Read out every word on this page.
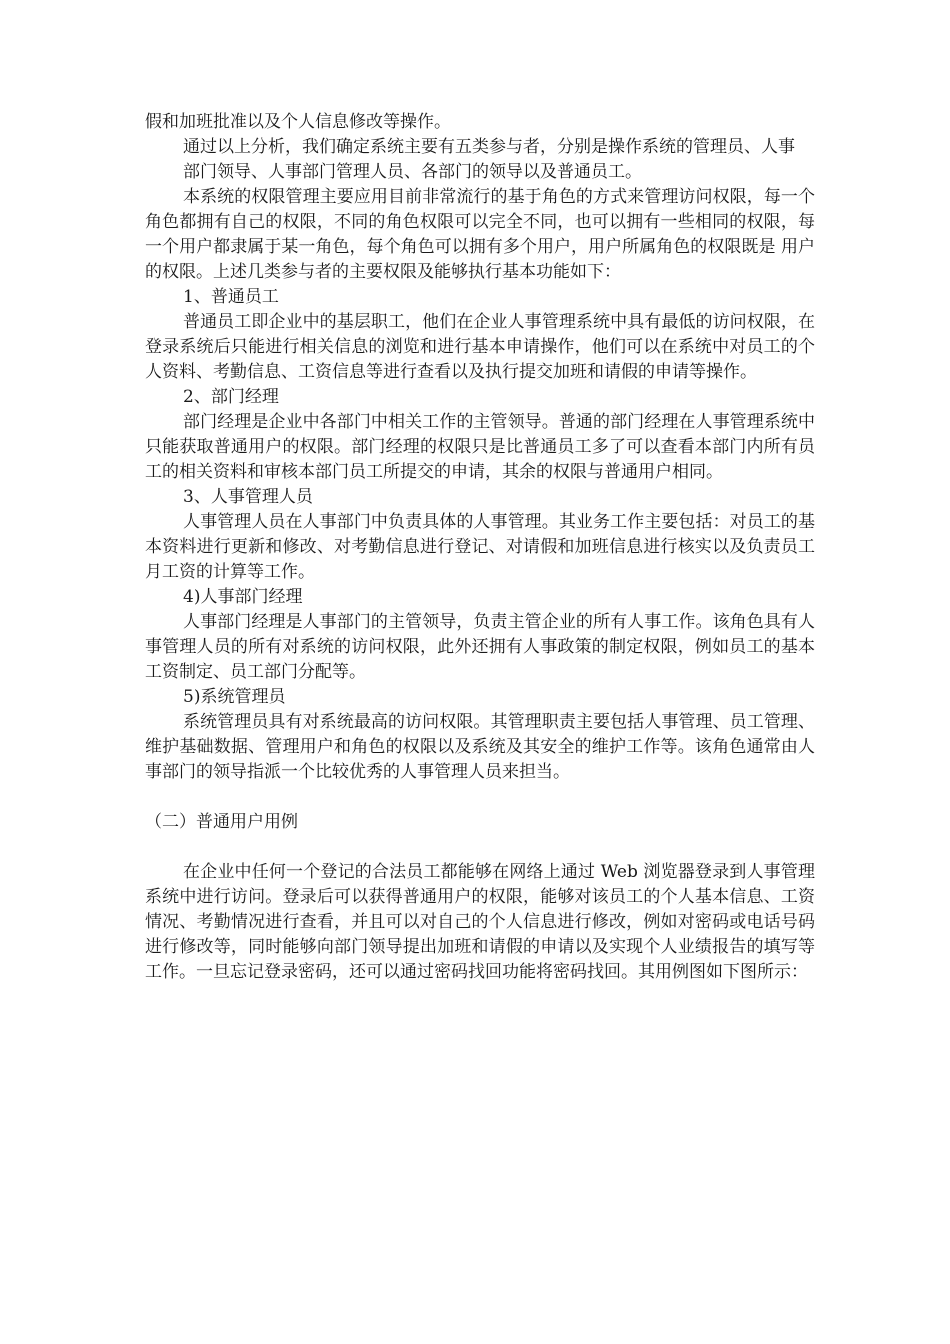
假和加班批准以及个人信息修改等操作。

通过以上分析，我们确定系统主要有五类参与者，分别是操作系统的管理员、人事

部门领导、人事部门管理人员、各部门的领导以及普通员工。

本系统的权限管理主要应用目前非常流行的基于角色的方式来管理访问权限，每一个角色都拥有自己的权限，不同的角色权限可以完全不同，也可以拥有一些相同的权限，每一个用户都隶属于某一角色，每个角色可以拥有多个用户，用户所属角色的权限既是 用户的权限。上述几类参与者的主要权限及能够执行基本功能如下：

1、普通员工

普通员工即企业中的基层职工，他们在企业人事管理系统中具有最低的访问权限，在登录系统后只能进行相关信息的浏览和进行基本申请操作，他们可以在系统中对员工的个人资料、考勤信息、工资信息等进行查看以及执行提交加班和请假的申请等操作。

2、部门经理

部门经理是企业中各部门中相关工作的主管领导。普通的部门经理在人事管理系统中只能获取普通用户的权限。部门经理的权限只是比普通员工多了可以查看本部门内所有员工的相关资料和审核本部门员工所提交的申请，其余的权限与普通用户相同。

3、人事管理人员

人事管理人员在人事部门中负责具体的人事管理。其业务工作主要包括：对员工的基本资料进行更新和修改、对考勤信息进行登记、对请假和加班信息进行核实以及负责员工月工资的计算等工作。

4)人事部门经理

人事部门经理是人事部门的主管领导，负责主管企业的所有人事工作。该角色具有人事管理人员的所有对系统的访问权限，此外还拥有人事政策的制定权限，例如员工的基本工资制定、员工部门分配等。

5)系统管理员

系统管理员具有对系统最高的访问权限。其管理职责主要包括人事管理、员工管理、维护基础数据、管理用户和角色的权限以及系统及其安全的维护工作等。该角色通常由人事部门的领导指派一个比较优秀的人事管理人员来担当。

（二）普通用户用例

在企业中任何一个登记的合法员工都能够在网络上通过 Web 浏览器登录到人事管理系统中进行访问。登录后可以获得普通用户的权限，能够对该员工的个人基本信息、工资情况、考勤情况进行查看，并且可以对自己的个人信息进行修改，例如对密码或电话号码进行修改等，同时能够向部门领导提出加班和请假的申请以及实现个人业绩报告的填写等工作。一旦忘记登录密码，还可以通过密码找回功能将密码找回。其用例图如下图所示：
